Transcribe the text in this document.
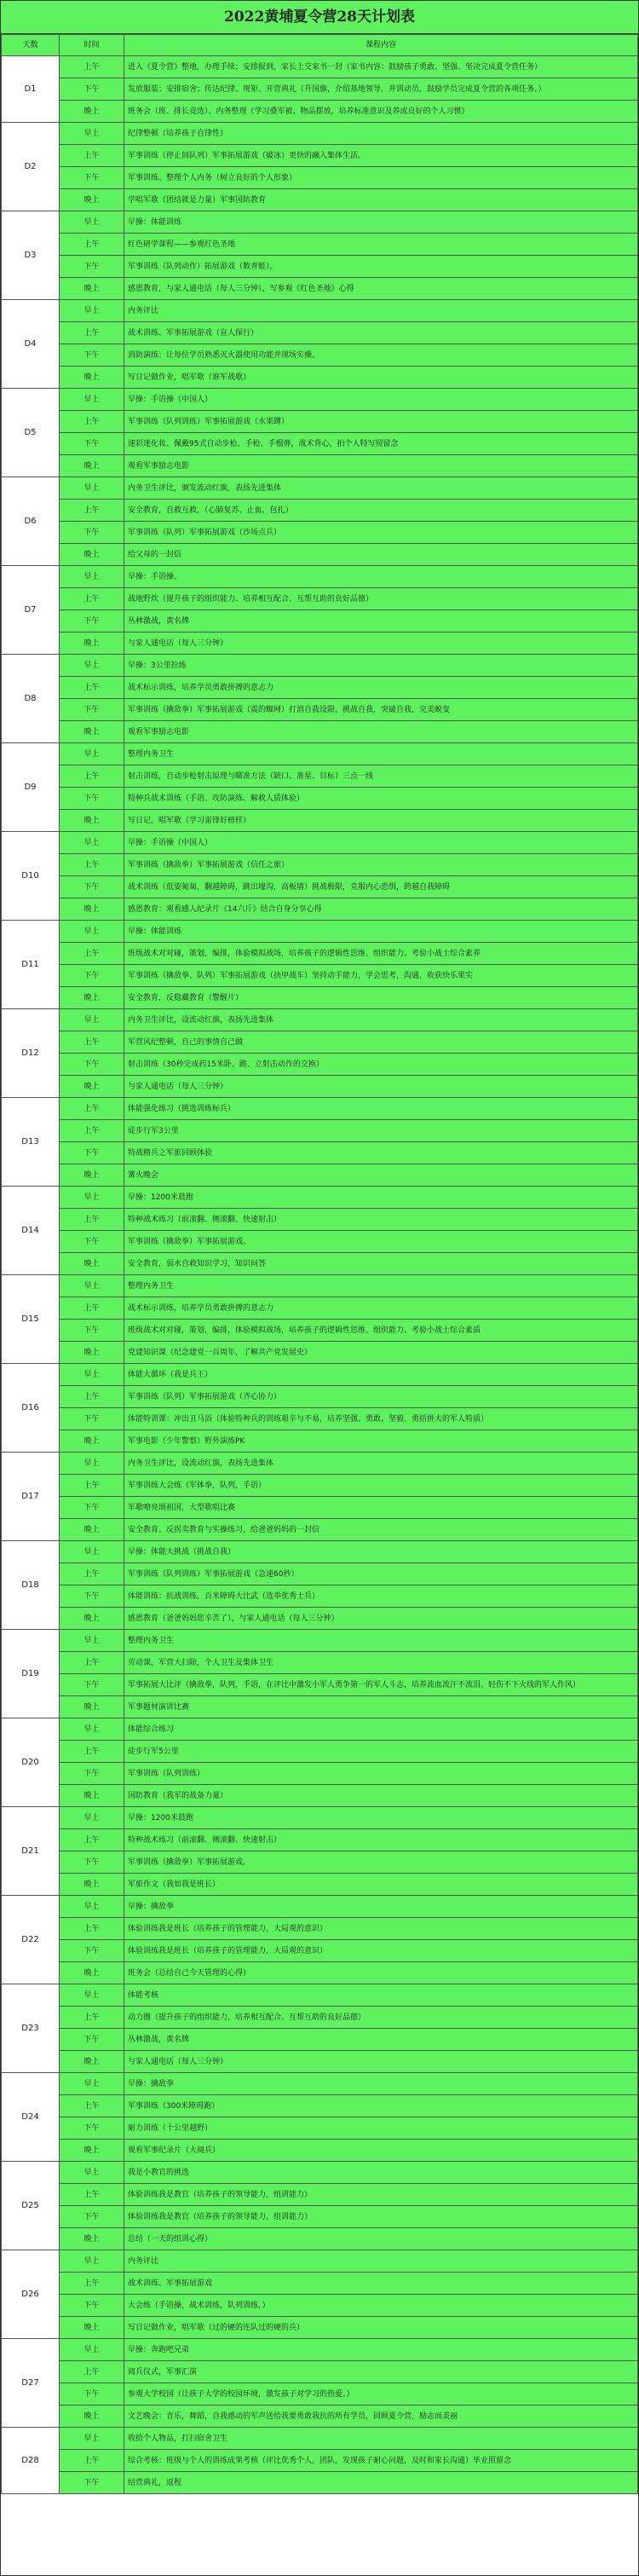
2022黄埔夏令营28天计划表
天数	时间	课程内容
D1	上午	进入《夏令营》整地，办理手续；安排报到，家长上交家书一封（家书内容：鼓励孩子勇敢、坚强、坚决完成夏令营任务）
	下午	发放服装；安排宿舍；传达纪律、规矩、开营典礼（升国旗，介绍基地领导，并训动员，鼓励学员完成夏令营的各项任务。）
	晚上	班务会（班、排长竞选）、内务整理（学习叠军被、物品摆放，培养标准意识及养成良好的个人习惯）
D2	早上	纪律整顿（培养孩子自律性）
	上午	军事训练（停止间队列）军事拓展游戏（破冰）更快的融入集体生活。
	下午	军事训练、整理个人内务（树立良好的个人形象）
	晚上	学唱军歌（团结就是力量）军事国防教育
D3	早上	早操：体能训练
	上午	红色研学课程——参观红色圣地
	下午	军事训练（队列动作）拓展游戏（数青蛙）。
	晚上	感恩教育，与家人通电话（每人三分钟），写参观《红色圣地》心得
D4	早上	内务评比
	上午	战术训练、军事拓展游戏（盲人探行）
	下午	消防演练：让每位学员熟悉灭火器使用功能并现场实操。
	晚上	写日记做作业，唱军歌（谁军战歌）
D5	早上	早操：手语操（中国人）
	上午	军事训练（队列训练）军事拓展游戏（水果蹲）
	下午	速彩迷化妆、佩戴95式自动步枪、手枪、手榴弹，战术背心，拍个人特写照留念
	晚上	观看军事励志电影
D6	早上	内务卫生评比，颁发流动红旗，表扬先进集体
	上午	安全教育，自救互救，（心肺复苏、止血、包扎）
	下午	军事训练（队列）军事拓展游戏（沙场点兵）
	晚上	给父母的一封信
D7	早上	早操：手语操、
	上午	战地野炊（提升孩子的组织能力、培养相互配合、互帮互助的良好品德）
	下午	丛林激战，黄名牌
	晚上	与家人通电话（每人三分钟）
D8	早上	早操：3公里拉练
	上午	战术标示训练，培养学员勇敢拼搏的意志力
	下午	军事训练（擒敌拳）军事拓展游戏（震的蜘网）打消自我设限，挑战自我，突破自我，完美蜕变
	晚上	观看军事励志电影
D9	早上	整理内务卫生
	上午	射击训练，自动步枪射击原理与瞄准方法（缺口、准星、目标）三点一线
	下午	特种兵战术训练（手语、攻防演练、解救人质体验）
	晚上	写日记，唱军歌（学习雷锋好榜样）
D10	早上	早操：手语操（中国人）
	上午	军事训练（擒敌拳）军事拓展游戏（信任之旅）
	下午	战术训练（低姿匍匐，翻越障碍，跳出壕沟，高板墙）挑战极限，克服内心恐惧，跨越自我障碍
	晚上	感恩教育：观看感人纪录片《14六斤》结合自身分享心得
D11	早上	早操：体能训练
	上午	班级战术对对碰，策划，编排，体验模拟战场，培养孩子的逻辑性思维、组织能力、考验小战士综合素养
	下午	军事训练（擒敌拳、队列）军事拓展游戏（抉甲战车）坚持动手能力，学会思考，沟通，收获快乐果实
	晚上	安全教育，反稳藏教育（警醒片）
D12	早上	内务卫生评比，设流动红旗，表扬先进集体
	上午	军营风纪整顿，自己的事情自己做
	下午	射击训练（30秒完成药15米卧、跪、立射击动作的交换）
	晚上	与家人通电话（每人三分钟）
D13	上午	体能强化练习（挑选训练标兵）
	上午	徒步行军3公里
	下午	特战精兵之军旅回顾体验
	晚上	篝火晚会
D14	早上	早操：1200米晨跑
	上午	特种战术练习（前滚翻、侧滚翻、快速射击）
	下午	军事训练（擒敌拳）军事拓展游戏。
	晚上	安全教育，弱水自救知识学习，知识问答
D15	早上	整理内务卫生
	上午	战术标示训练，培养学员勇敢拼搏的意志力
	下午	班级战术对对碰，策划，编排，体验模拟战场，培养孩子的逻辑性思维、组织能力、考验小战士综合素质
	晚上	党建知识课（纪念建党一百周年，了解共产党发展史）
D16	早上	体能大循环（我是兵王）
	上午	军事训练（队列）军事拓展游戏（齐心协力）
	下午	体能特训课：冲出丑马浴（体验特种兵的训练艰辛与不易，培养坚强、勇敢、坚毅、勇括拼夫的军人特质）
	晚上	军事电影（少年警察）野外演练PK
D17	早上	内务卫生评比，设流动红旗，表扬先进集体
	上午	军事训练大会练（军体拳，队列，手语）
	下午	军歌嘹亮颂祖国，大型歌唱比赛
	晚上	安全教育、反拐卖教育与实操练习，给爸爸妈妈的一封信
D18	早上	早操：体能大挑战（挑战自我）
	上午	军事训练（队列训练）军事拓展游戏（急速60秒）
	下午	体能训练：抗战训练，百米障碍大比武（选举优秀士兵）
	晚上	感恩教育（爸爸妈妈您辛苦了），与家人通电话（每人三分钟）
D19	早上	整理内务卫生
	上午	劳动课，军营大扫除，个人卫生及集体卫生
	下午	军事拓展大比评（擒敌拳，队列，手语，在评比中激发小军人勇争第一的军人斗志，培养流血流汗不流泪、轻伤不下火线的军人作风）
	晚上	军事题材演讲比赛
D20	早上	体能综合练习
	上午	徒步行军5公里
	下午	军事训练（队列训练）
	晚上	国防教育（我军的战备力量）
D21	早上	早操：1200米晨跑
	上午	特种战术练习（前滚翻、侧滚翻、快速射击）
	下午	军事训练（擒敌拳）军事拓展游戏。
	晚上	军旅作文（我如我是班长）
D22	早上	早操：擒敌拳
	上午	体验训练我是班长（培养孩子的管理能力，大局观的意识）
	下午	体验训练我是班长（培养孩子的管理能力，大局观的意识）
	晚上	班务会（总结自己今天管理的心得）
D23	早上	体能考核
	上午	动力圈（提升孩子的组织能力，培养相互配合、互帮互助的良好品德）
	下午	丛林激战，黄名牌
	晚上	与家人通电话（每人三分钟）
D24	早上	早操：擒敌拳
	上午	军事训练（300米障碍跑）
	下午	耐力训练（十公里越野）
	晚上	观看军事纪录片（大阅兵）
D25	早上	我是小教官的挑选
	上午	体验训练我是教官（培养孩子的领导能力，组训能力）
	下午	体验训练我是教官（培养孩子的领导能力，组训能力）
	晚上	总结（一天的组训心得）
D26	早上	内务评比
	上午	战术训练、军事拓展游戏
	下午	大会练（手语操，战术训练，队列训练，）
	晚上	写日记做作业，唱军歌（过的硬的连队过的硬的兵）
D27	早上	早操：奔跑吧兄弟
	上午	阅兵仪式，军事汇演
	下午	参观大学校园（让孩子大学的校园环境，激发孩子对学习的热爱。）
	晚上	文艺晚会：音乐，舞蹈，自我感动的军声送给我要勇敢我抗的所有学员，回顾夏令营，励志而美丽
D28	早上	收拾个人物品，打扫宿舍卫生
	上午	综合考核：班级与个人的训练成果考核（评比优秀个人，团队，发现孩子耐心问题，及时和家长沟通）毕业照留念
	下午	结营典礼，返程
